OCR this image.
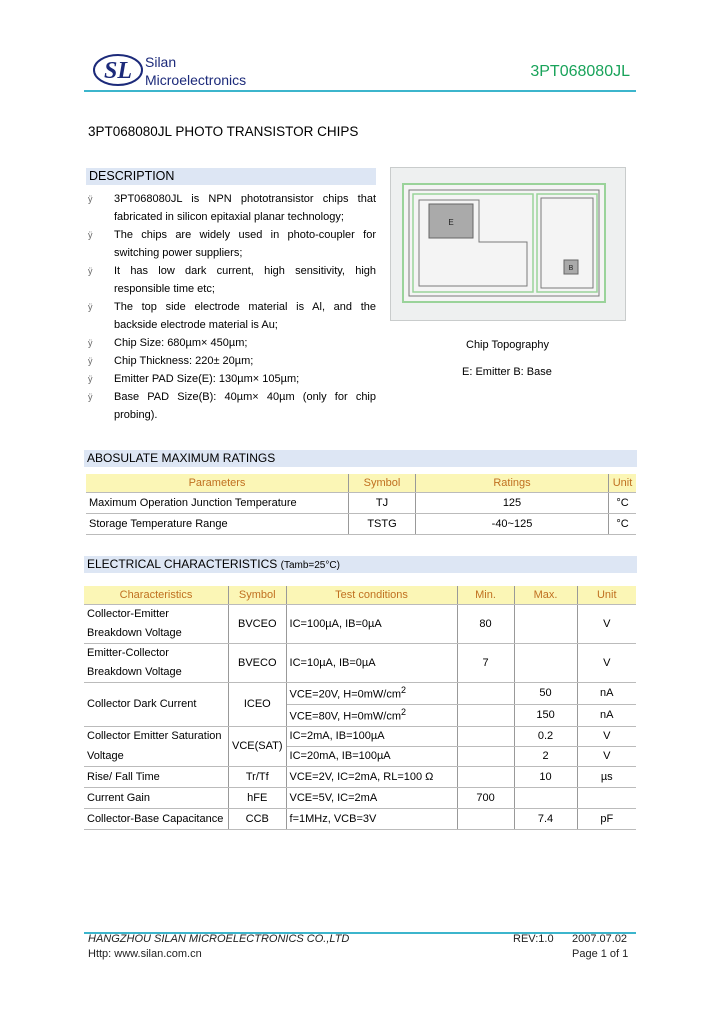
SL Silan
Microelectronics	3PT068080JL
3PT068080JL PHOTO TRANSISTOR CHIPS
DESCRIPTION
ÿ 3PT068080JL is NPN phototransistor chips that fabricated in silicon epitaxial planar technology;
ÿ The chips are widely used in photo-coupler for switching power suppliers;
ÿ It has low dark current, high sensitivity, high responsible time etc;
ÿ The top side electrode material is Al, and the backside electrode material is Au;
ÿ Chip Size: 680µm× 450µm;
ÿ Chip Thickness: 220± 20µm;
ÿ Emitter PAD Size(E): 130µm× 105µm;
ÿ Base PAD Size(B): 40µm× 40µm (only for chip probing).
E
B
Chip Topography
E: Emitter B: Base
ABOSULATE MAXIMUM RATINGS
Parameters	Symbol	Ratings	Unit
Maximum Operation Junction Temperature	TJ	125	°C
Storage Temperature Range	TSTG	-40~125	°C
ELECTRICAL CHARACTERISTICS (Tamb=25°C)
Characteristics	Symbol	Test conditions	Min.	Max.	Unit
Collector-Emitter Breakdown Voltage	BVCEO	IC=100µA, IB=0µA	80		V
Emitter-Collector Breakdown Voltage	BVECO	IC=10µA, IB=0µA	7		V
Collector Dark Current	ICEO	VCE=20V, $H=0mW/cm^2$		50	nA
		VCE=80V, $H=0mW/cm^2$		150	nA
Collector Emitter Saturation	VCE(SAT)	IC=2mA, IB=100µA		0.2	V
Voltage		IC=20mA, IB=100µA		2	V
Rise/ Fall Time	Tr/Tf	VCE=2V, IC=2mA, RL=100 Ω		10	µs
Current Gain	hFE	VCE=5V, IC=2mA	700		
Collector-Base Capacitance	CCB	f=1MHz, VCB=3V		7.4	pF
HANGZHOU SILAN MICROELECTRONICS CO.,LTD
Http: www.silan.com.cn
REV:1.0 2007.07.02
Page 1 of 1
